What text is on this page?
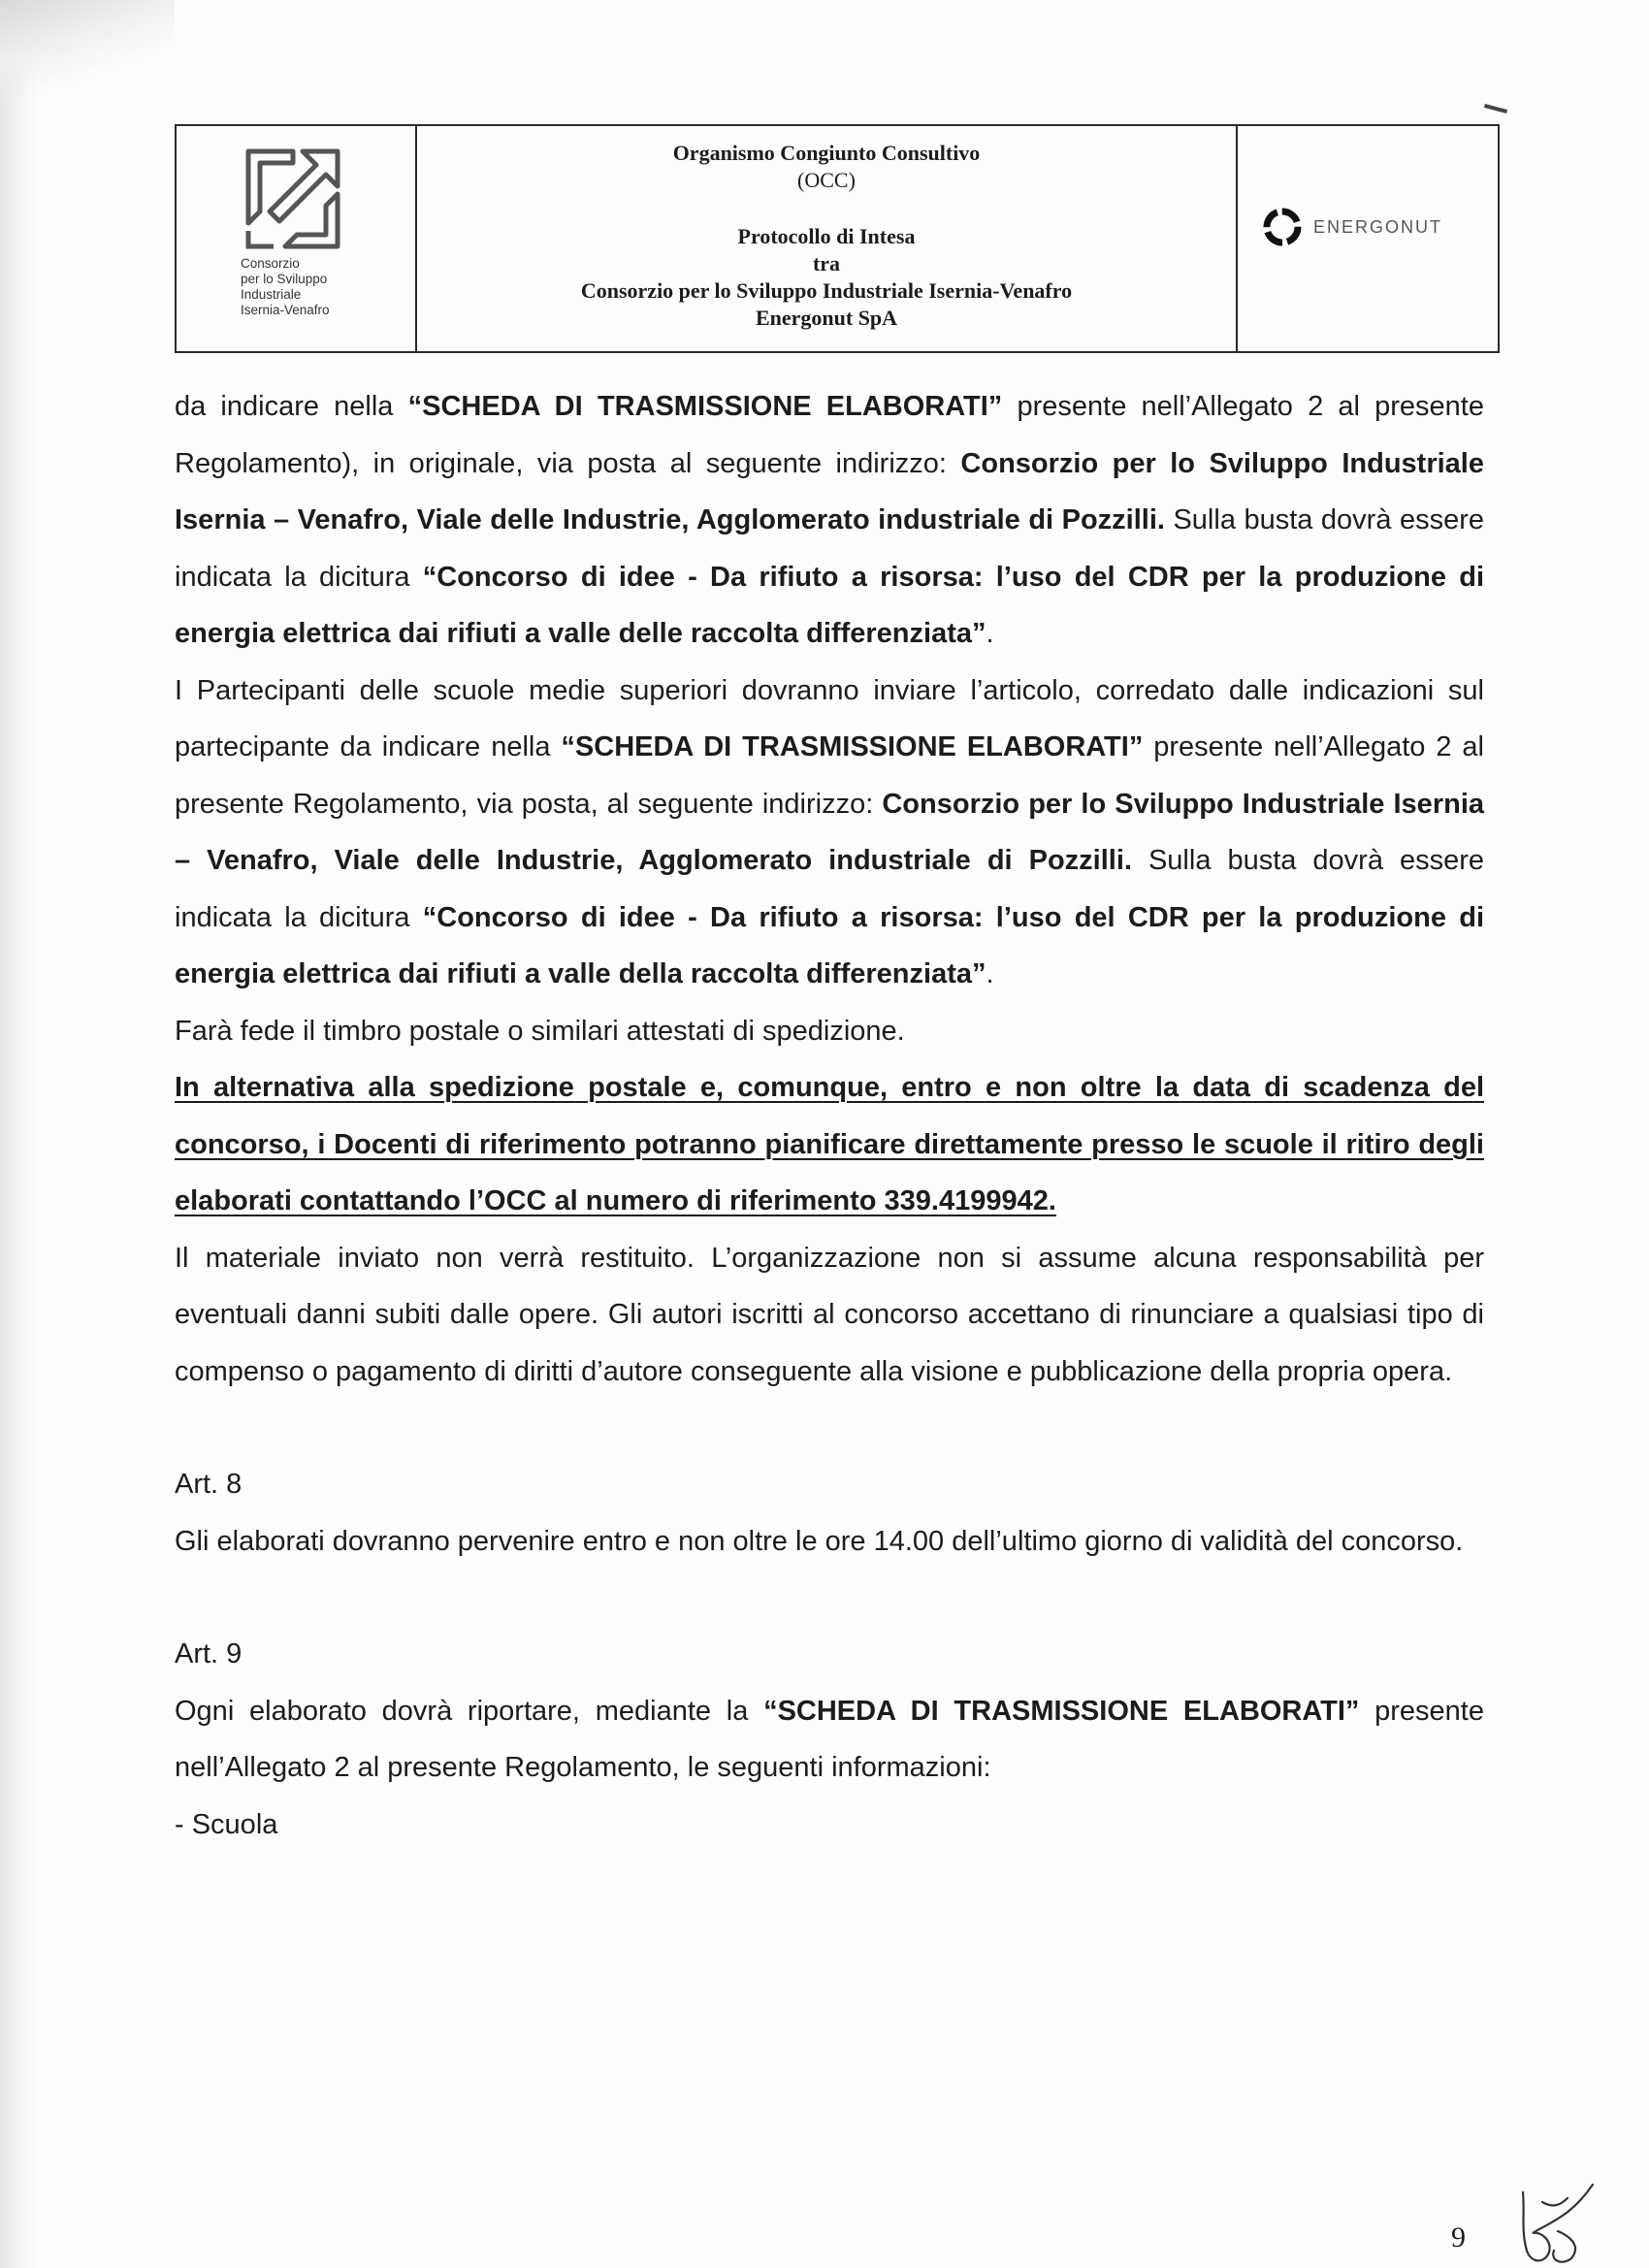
Consorzio
per lo Sviluppo
Industriale
Isernia-Venafro
Organismo Congiunto Consultivo
(OCC)
Protocollo di Intesa
tra
Consorzio per lo Sviluppo Industriale Isernia-Venafro
Energonut SpA
ENERGONUT

da indicare nella “SCHEDA DI TRASMISSIONE ELABORATI” presente nell’Allegato 2 al presente Regolamento), in originale, via posta al seguente indirizzo: Consorzio per lo Sviluppo Industriale Isernia – Venafro, Viale delle Industrie, Agglomerato industriale di Pozzilli. Sulla busta dovrà essere indicata la dicitura “Concorso di idee - Da rifiuto a risorsa: l’uso del CDR per la produzione di energia elettrica dai rifiuti a valle delle raccolta differenziata”.

I Partecipanti delle scuole medie superiori dovranno inviare l’articolo, corredato dalle indicazioni sul partecipante da indicare nella “SCHEDA DI TRASMISSIONE ELABORATI” presente nell’Allegato 2 al presente Regolamento, via posta, al seguente indirizzo: Consorzio per lo Sviluppo Industriale Isernia – Venafro, Viale delle Industrie, Agglomerato industriale di Pozzilli. Sulla busta dovrà essere indicata la dicitura “Concorso di idee - Da rifiuto a risorsa: l’uso del CDR per la produzione di energia elettrica dai rifiuti a valle della raccolta differenziata”.

Farà fede il timbro postale o similari attestati di spedizione.

In alternativa alla spedizione postale e, comunque, entro e non oltre la data di scadenza del concorso, i Docenti di riferimento potranno pianificare direttamente presso le scuole il ritiro degli elaborati contattando l’OCC al numero di riferimento 339.4199942.

Il materiale inviato non verrà restituito. L’organizzazione non si assume alcuna responsabilità per eventuali danni subiti dalle opere. Gli autori iscritti al concorso accettano di rinunciare a qualsiasi tipo di compenso o pagamento di diritti d’autore conseguente alla visione e pubblicazione della propria opera.

Art. 8

Gli elaborati dovranno pervenire entro e non oltre le ore 14.00 dell’ultimo giorno di validità del concorso.

Art. 9

Ogni elaborato dovrà riportare, mediante la “SCHEDA DI TRASMISSIONE ELABORATI” presente nell’Allegato 2 al presente Regolamento, le seguenti informazioni:

- Scuola

9
